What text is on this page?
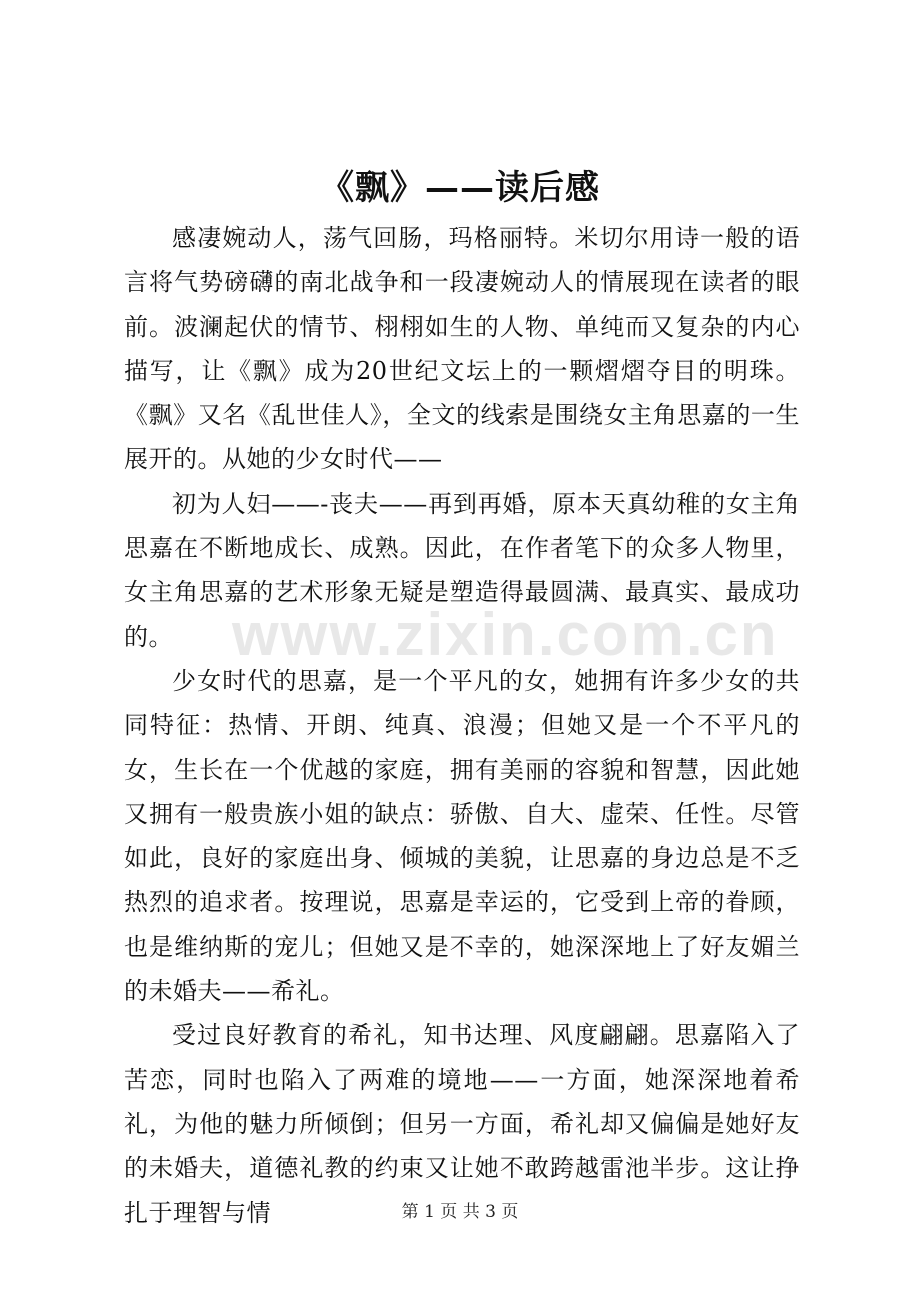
《飘》——读后感

感凄婉动人，荡气回肠，玛格丽特。米切尔用诗一般的语言将气势磅礴的南北战争和一段凄婉动人的情展现在读者的眼前。波澜起伏的情节、栩栩如生的人物、单纯而又复杂的内心描写，让《飘》成为20世纪文坛上的一颗熠熠夺目的明珠。《飘》又名《乱世佳人》，全文的线索是围绕女主角思嘉的一生展开的。从她的少女时代——

初为人妇——-丧夫——再到再婚，原本天真幼稚的女主角思嘉在不断地成长、成熟。因此，在作者笔下的众多人物里，女主角思嘉的艺术形象无疑是塑造得最圆满、最真实、最成功的。

少女时代的思嘉，是一个平凡的女，她拥有许多少女的共同特征：热情、开朗、纯真、浪漫；但她又是一个不平凡的女，生长在一个优越的家庭，拥有美丽的容貌和智慧，因此她又拥有一般贵族小姐的缺点：骄傲、自大、虚荣、任性。尽管如此，良好的家庭出身、倾城的美貌，让思嘉的身边总是不乏热烈的追求者。按理说，思嘉是幸运的，它受到上帝的眷顾，也是维纳斯的宠儿；但她又是不幸的，她深深地上了好友媚兰的未婚夫——希礼。

受过良好教育的希礼，知书达理、风度翩翩。思嘉陷入了苦恋，同时也陷入了两难的境地——一方面，她深深地着希礼，为他的魅力所倾倒；但另一方面，希礼却又偏偏是她好友的未婚夫，道德礼教的约束又让她不敢跨越雷池半步。这让挣扎于理智与情

www.zixin.com.cn
第 1 页 共 3 页
